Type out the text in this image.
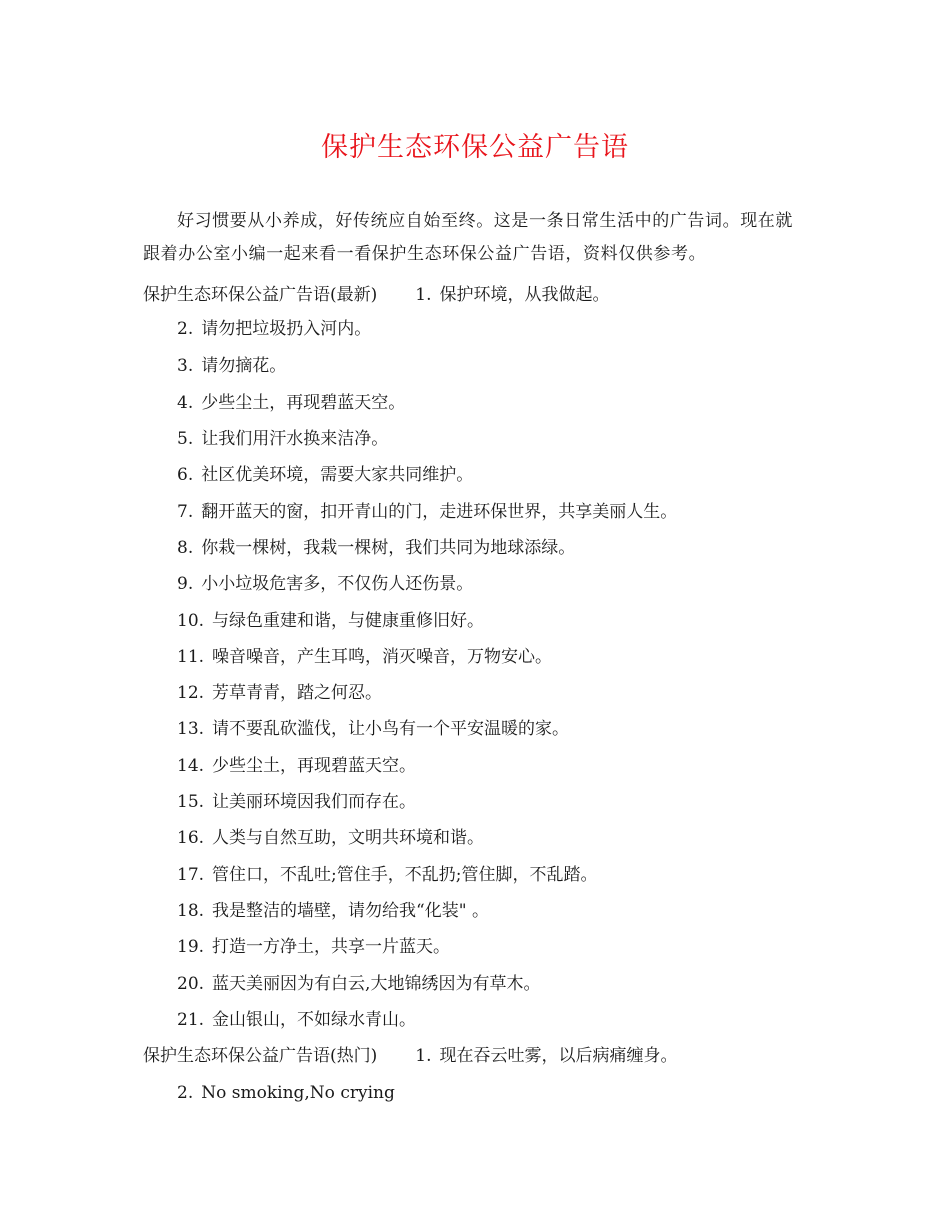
保护生态环保公益广告语
好习惯要从小养成，好传统应自始至终。这是一条日常生活中的广告词。现在就跟着办公室小编一起来看一看保护生态环保公益广告语，资料仅供参考。
保护生态环保公益广告语(最新) 1. 保护环境，从我做起。
2. 请勿把垃圾扔入河内。
3. 请勿摘花。
4. 少些尘土，再现碧蓝天空。
5. 让我们用汗水换来洁净。
6. 社区优美环境，需要大家共同维护。
7. 翻开蓝天的窗，扣开青山的门，走进环保世界，共享美丽人生。
8. 你栽一棵树，我栽一棵树，我们共同为地球添绿。
9. 小小垃圾危害多，不仅伤人还伤景。
10. 与绿色重建和谐，与健康重修旧好。
11. 噪音噪音，产生耳鸣，消灭噪音，万物安心。
12. 芳草青青，踏之何忍。
13. 请不要乱砍滥伐，让小鸟有一个平安温暖的家。
14. 少些尘土，再现碧蓝天空。
15. 让美丽环境因我们而存在。
16. 人类与自然互助，文明共环境和谐。
17. 管住口，不乱吐;管住手，不乱扔;管住脚，不乱踏。
18. 我是整洁的墙壁，请勿给我“化装" 。
19. 打造一方净土，共享一片蓝天。
20. 蓝天美丽因为有白云,大地锦绣因为有草木。
21. 金山银山，不如绿水青山。
保护生态环保公益广告语(热门) 1. 现在吞云吐雾，以后病痛缠身。
2. No smoking,No crying
